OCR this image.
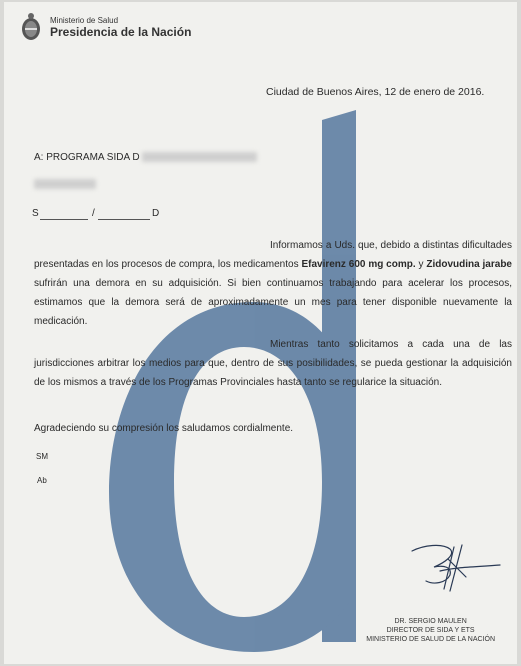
Ministerio de Salud
Presidencia de la Nación
Ciudad de Buenos Aires, 12 de enero de 2016.
A: PROGRAMA SIDA D
S	/	D
Informamos a Uds. que, debido a distintas dificultades presentadas en los procesos de compra, los medicamentos Efavirenz 600 mg comp. y Zidovudina jarabe sufrirán una demora en su adquisición. Si bien continuamos trabajando para acelerar los procesos, estimamos que la demora será de aproximadamente un mes para tener disponible nuevamente la medicación.
Mientras tanto solicitamos a cada una de las jurisdicciones arbitrar los medios para que, dentro de sus posibilidades, se pueda gestionar la adquisición de los mismos a través de los Programas Provinciales hasta tanto se regularice la situación.
Agradeciendo su compresión los saludamos cordialmente.
SM
Ab
DR. SERGIO MAULEN
DIRECTOR DE SIDA Y ETS
MINISTERIO DE SALUD DE LA NACIÓN
